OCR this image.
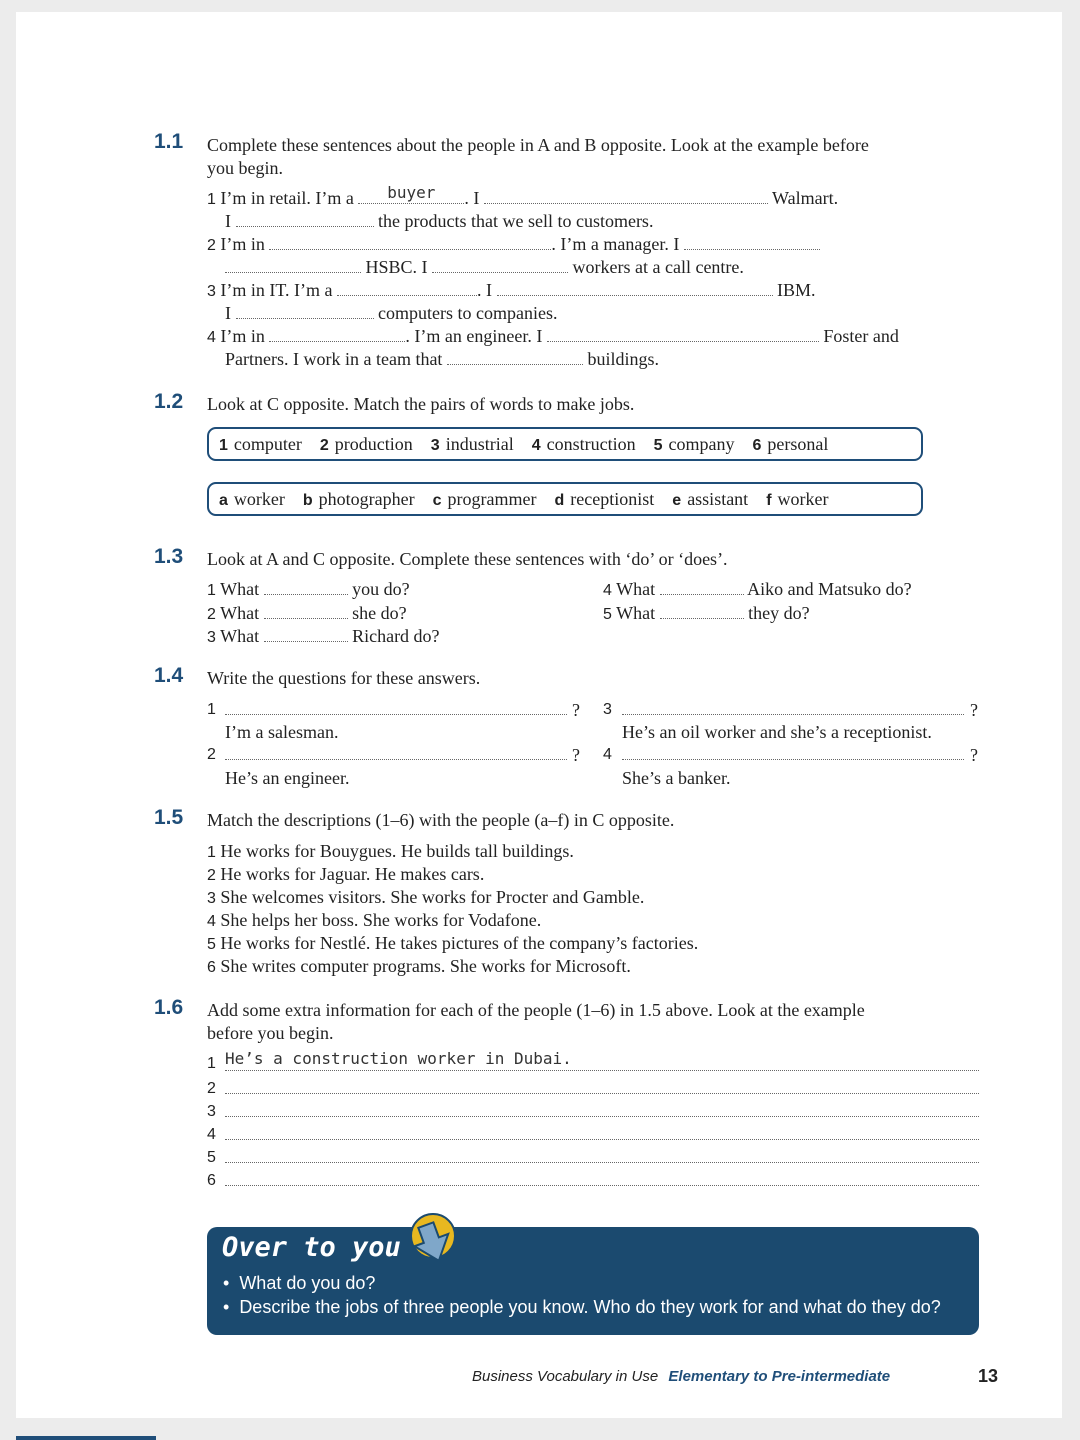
1.1 Complete these sentences about the people in A and B opposite. Look at the example before
you begin.
1 I’m in retail. I’m a buyer . I	Walmart.
I	the products that we sell to customers.
2 I’m in	. I’m a manager. I
HSBC. I	workers at a call centre.
3 I’m in IT. I’m a	. I	IBM.
I	computers to companies.
4 I’m in	. I’m an engineer. I	Foster and
Partners. I work in a team that	buildings.
1.2 Look at C opposite. Match the pairs of words to make jobs.
1 computer 2 production 3 industrial 4 construction 5 company 6 personal
a worker b photographer c programmer d receptionist e assistant f worker
1.3 Look at A and C opposite. Complete these sentences with ‘do’ or ‘does’.
1 What	you do?
2 What	she do?
3 What	Richard do?
4 What	Aiko and Matsuko do?
5 What	they do?
1.4 Write the questions for these answers.
1	?
I’m a salesman.
2	?
He’s an engineer.
3	?
He’s an oil worker and she’s a receptionist.
4	?
She’s a banker.
1.5 Match the descriptions (1–6) with the people (a–f) in C opposite.
1 He works for Bouygues. He builds tall buildings.
2 He works for Jaguar. He makes cars.
3 She welcomes visitors. She works for Procter and Gamble.
4 She helps her boss. She works for Vodafone.
5 He works for Nestlé. He takes pictures of the company’s factories.
6 She writes computer programs. She works for Microsoft.
1.6 Add some extra information for each of the people (1–6) in 1.5 above. Look at the example
before you begin.
1 He’s a construction worker in Dubai.
2
3
4
5
6
Over to you
• What do you do?
• Describe the jobs of three people you know. Who do they work for and what do they do?
Business Vocabulary in Use Elementary to Pre-intermediate	13
